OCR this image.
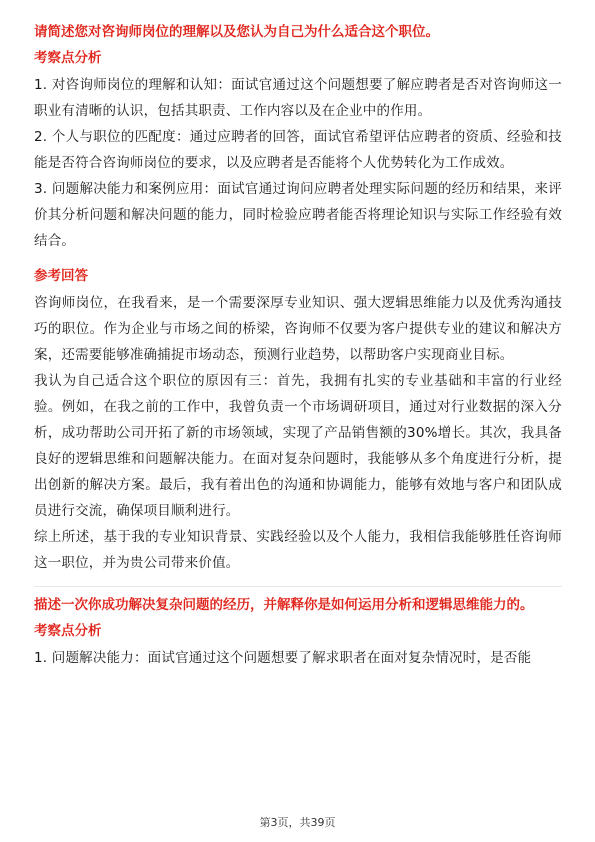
请简述您对咨询师岗位的理解以及您认为自己为什么适合这个职位。
考察点分析

1. 对咨询师岗位的理解和认知：面试官通过这个问题想要了解应聘者是否对咨询师这一职业有清晰的认识，包括其职责、工作内容以及在企业中的作用。

2. 个人与职位的匹配度：通过应聘者的回答，面试官希望评估应聘者的资质、经验和技能是否符合咨询师岗位的要求，以及应聘者是否能将个人优势转化为工作成效。

3. 问题解决能力和案例应用：面试官通过询问应聘者处理实际问题的经历和结果，来评价其分析问题和解决问题的能力，同时检验应聘者能否将理论知识与实际工作经验有效结合。

参考回答

咨询师岗位，在我看来，是一个需要深厚专业知识、强大逻辑思维能力以及优秀沟通技巧的职位。作为企业与市场之间的桥梁，咨询师不仅要为客户提供专业的建议和解决方案，还需要能够准确捕捉市场动态，预测行业趋势，以帮助客户实现商业目标。

我认为自己适合这个职位的原因有三：首先，我拥有扎实的专业基础和丰富的行业经验。例如，在我之前的工作中，我曾负责一个市场调研项目，通过对行业数据的深入分析，成功帮助公司开拓了新的市场领域，实现了产品销售额的30%增长。其次，我具备良好的逻辑思维和问题解决能力。在面对复杂问题时，我能够从多个角度进行分析，提出创新的解决方案。最后，我有着出色的沟通和协调能力，能够有效地与客户和团队成员进行交流，确保项目顺利进行。

综上所述，基于我的专业知识背景、实践经验以及个人能力，我相信我能够胜任咨询师这一职位，并为贵公司带来价值。

描述一次你成功解决复杂问题的经历，并解释你是如何运用分析和逻辑思维能力的。
考察点分析

1. 问题解决能力：面试官通过这个问题想要了解求职者在面对复杂情况时，是否能

第3页，共39页
